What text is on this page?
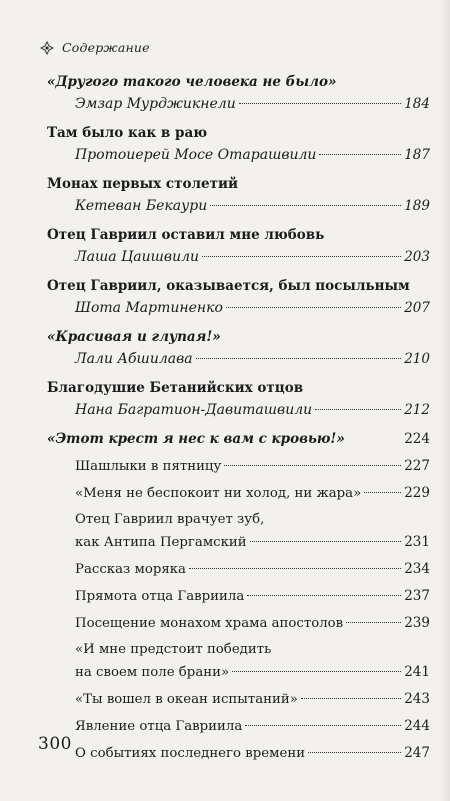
Содержание
«Другого такого человека не было»
Эмзар Мурджикнели	184
Там было как в раю
Протоиерей Мосе Отарашвили	187
Монах первых столетий
Кетеван Бекаури	189
Отец Гавриил оставил мне любовь
Лаша Цаишвили	203
Отец Гавриил, оказывается, был посыльным
Шота Мартиненко	207
«Красивая и глупая!»
Лали Абшилава	210
Благодушие Бетанийских отцов
Нана Багратион-Давиташвили	212
«Этот крест я нес к вам с кровью!»	224
Шашлыки в пятницу	227
«Меня не беспокоит ни холод, ни жара»	229
Отец Гавриил врачует зуб,
как Антипа Пергамский	231
Рассказ моряка	234
Прямота отца Гавриила	237
Посещение монахом храма апостолов	239
«И мне предстоит победить
на своем поле брани»	241
«Ты вошел в океан испытаний»	243
Явление отца Гавриила	244
О событиях последнего времени	247
300
